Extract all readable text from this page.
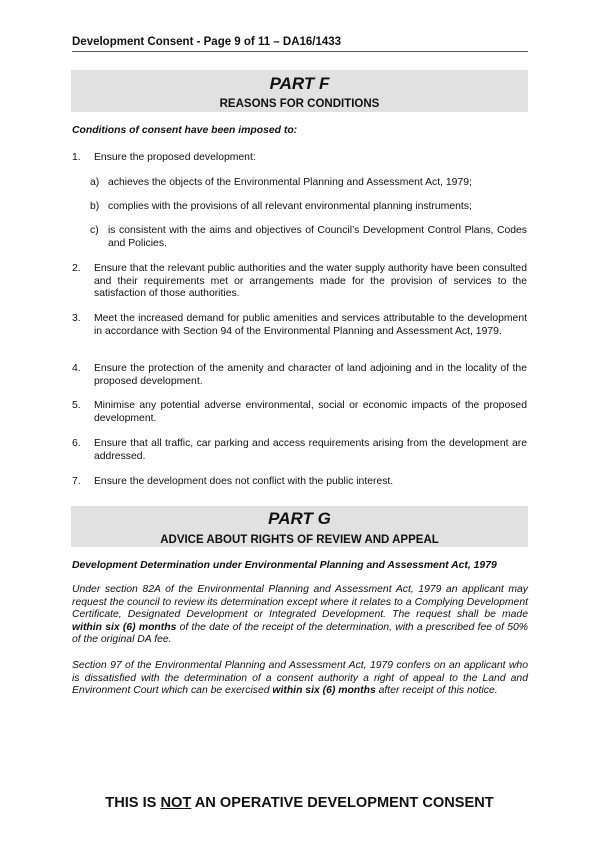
Development Consent - Page 9 of 11 – DA16/1433
PART F
REASONS FOR CONDITIONS
Conditions of consent have been imposed to:
1. Ensure the proposed development:
a) achieves the objects of the Environmental Planning and Assessment Act, 1979;
b) complies with the provisions of all relevant environmental planning instruments;
c) is consistent with the aims and objectives of Council’s Development Control Plans, Codes and Policies.
2. Ensure that the relevant public authorities and the water supply authority have been consulted and their requirements met or arrangements made for the provision of services to the satisfaction of those authorities.
3. Meet the increased demand for public amenities and services attributable to the development in accordance with Section 94 of the Environmental Planning and Assessment Act, 1979.
4. Ensure the protection of the amenity and character of land adjoining and in the locality of the proposed development.
5. Minimise any potential adverse environmental, social or economic impacts of the proposed development.
6. Ensure that all traffic, car parking and access requirements arising from the development are addressed.
7. Ensure the development does not conflict with the public interest.
PART G
ADVICE ABOUT RIGHTS OF REVIEW AND APPEAL
Development Determination under Environmental Planning and Assessment Act, 1979
Under section 82A of the Environmental Planning and Assessment Act, 1979 an applicant may request the council to review its determination except where it relates to a Complying Development Certificate, Designated Development or Integrated Development. The request shall be made within six (6) months of the date of the receipt of the determination, with a prescribed fee of 50% of the original DA fee.
Section 97 of the Environmental Planning and Assessment Act, 1979 confers on an applicant who is dissatisfied with the determination of a consent authority a right of appeal to the Land and Environment Court which can be exercised within six (6) months after receipt of this notice.
THIS IS NOT AN OPERATIVE DEVELOPMENT CONSENT
